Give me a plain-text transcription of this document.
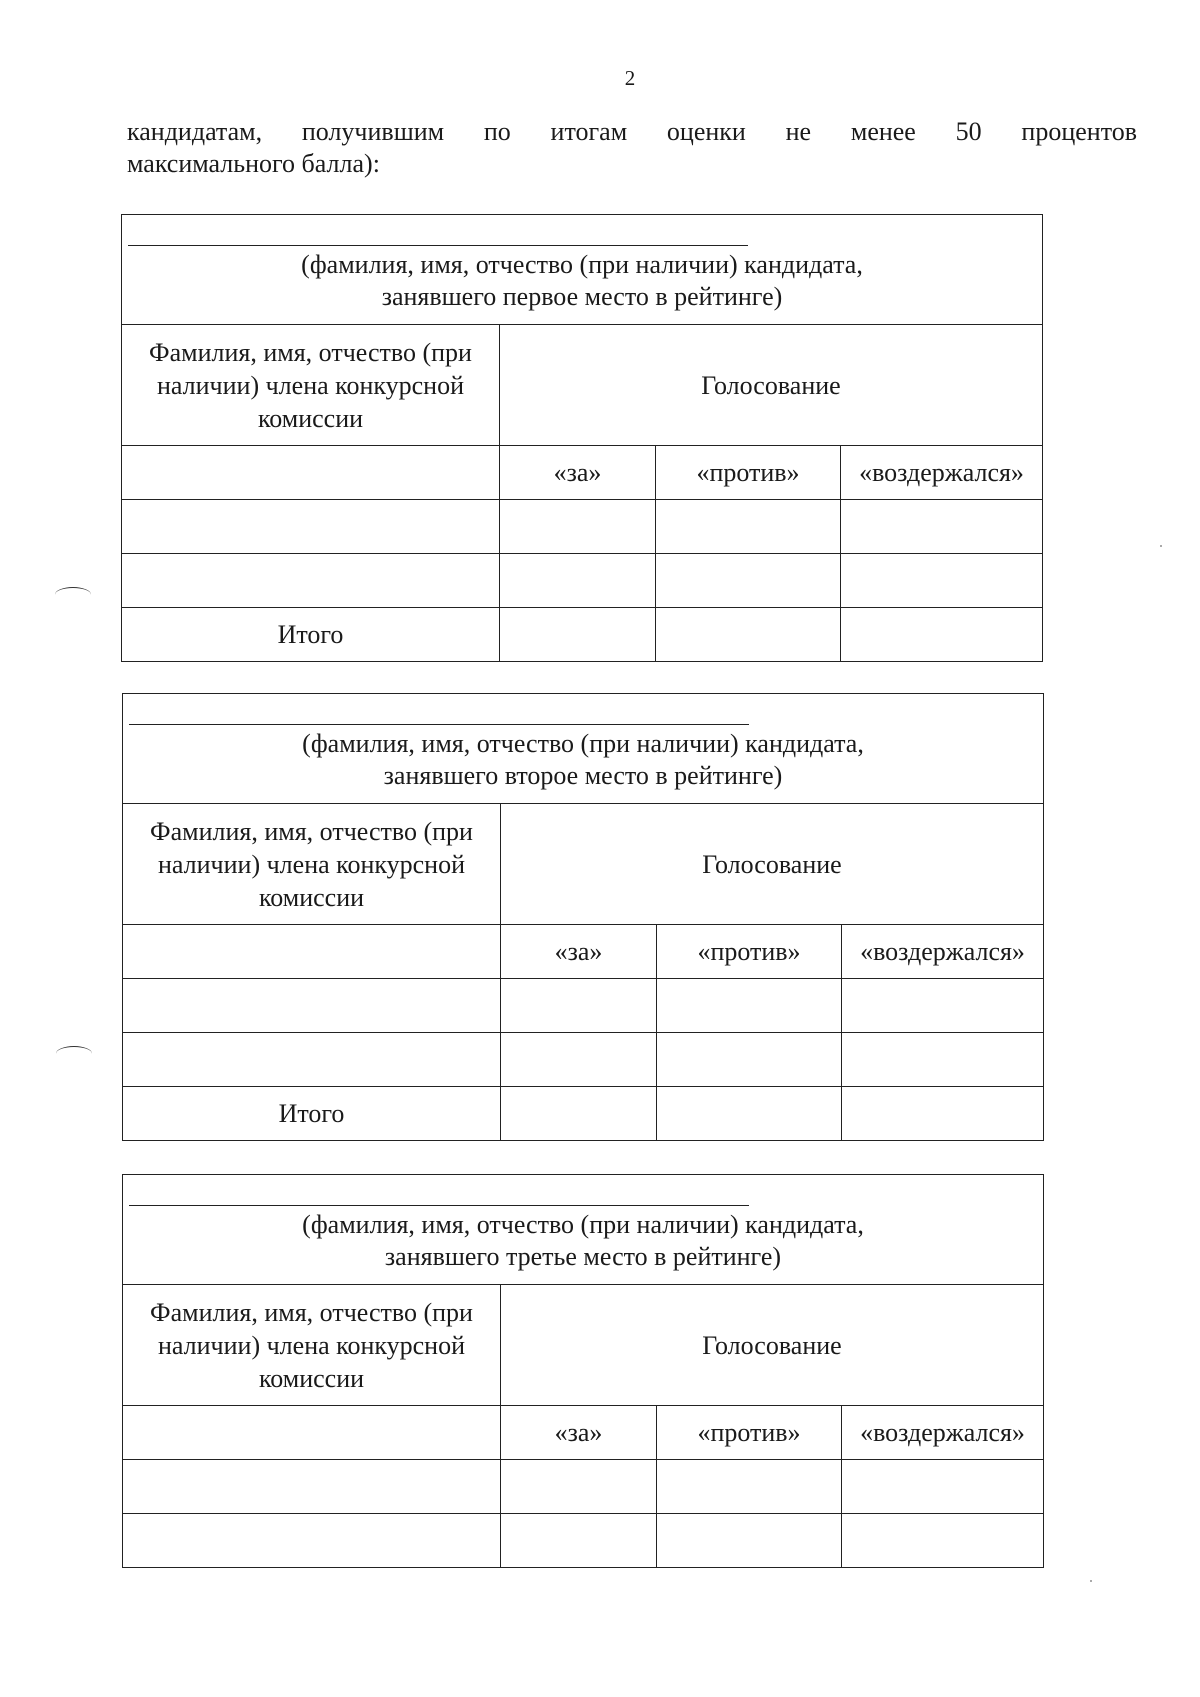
2
кандидатам, получившим по итогам оценки не менее 50 процентов
максимального балла):
(фамилия, имя, отчество (при наличии) кандидата,
занявшего первое место в рейтинге)			

Фамилия, имя, отчество (при
наличии) члена конкурсной
комиссии	Голосование		
	«за»	«против»	«воздержался»

Итого			
(фамилия, имя, отчество (при наличии) кандидата,
занявшего второе место в рейтинге)			

Фамилия, имя, отчество (при
наличии) члена конкурсной
комиссии	Голосование		
	«за»	«против»	«воздержался»

Итого			
(фамилия, имя, отчество (при наличии) кандидата,
занявшего третье место в рейтинге)			

Фамилия, имя, отчество (при
наличии) члена конкурсной
комиссии	Голосование		
	«за»	«против»	«воздержался»
